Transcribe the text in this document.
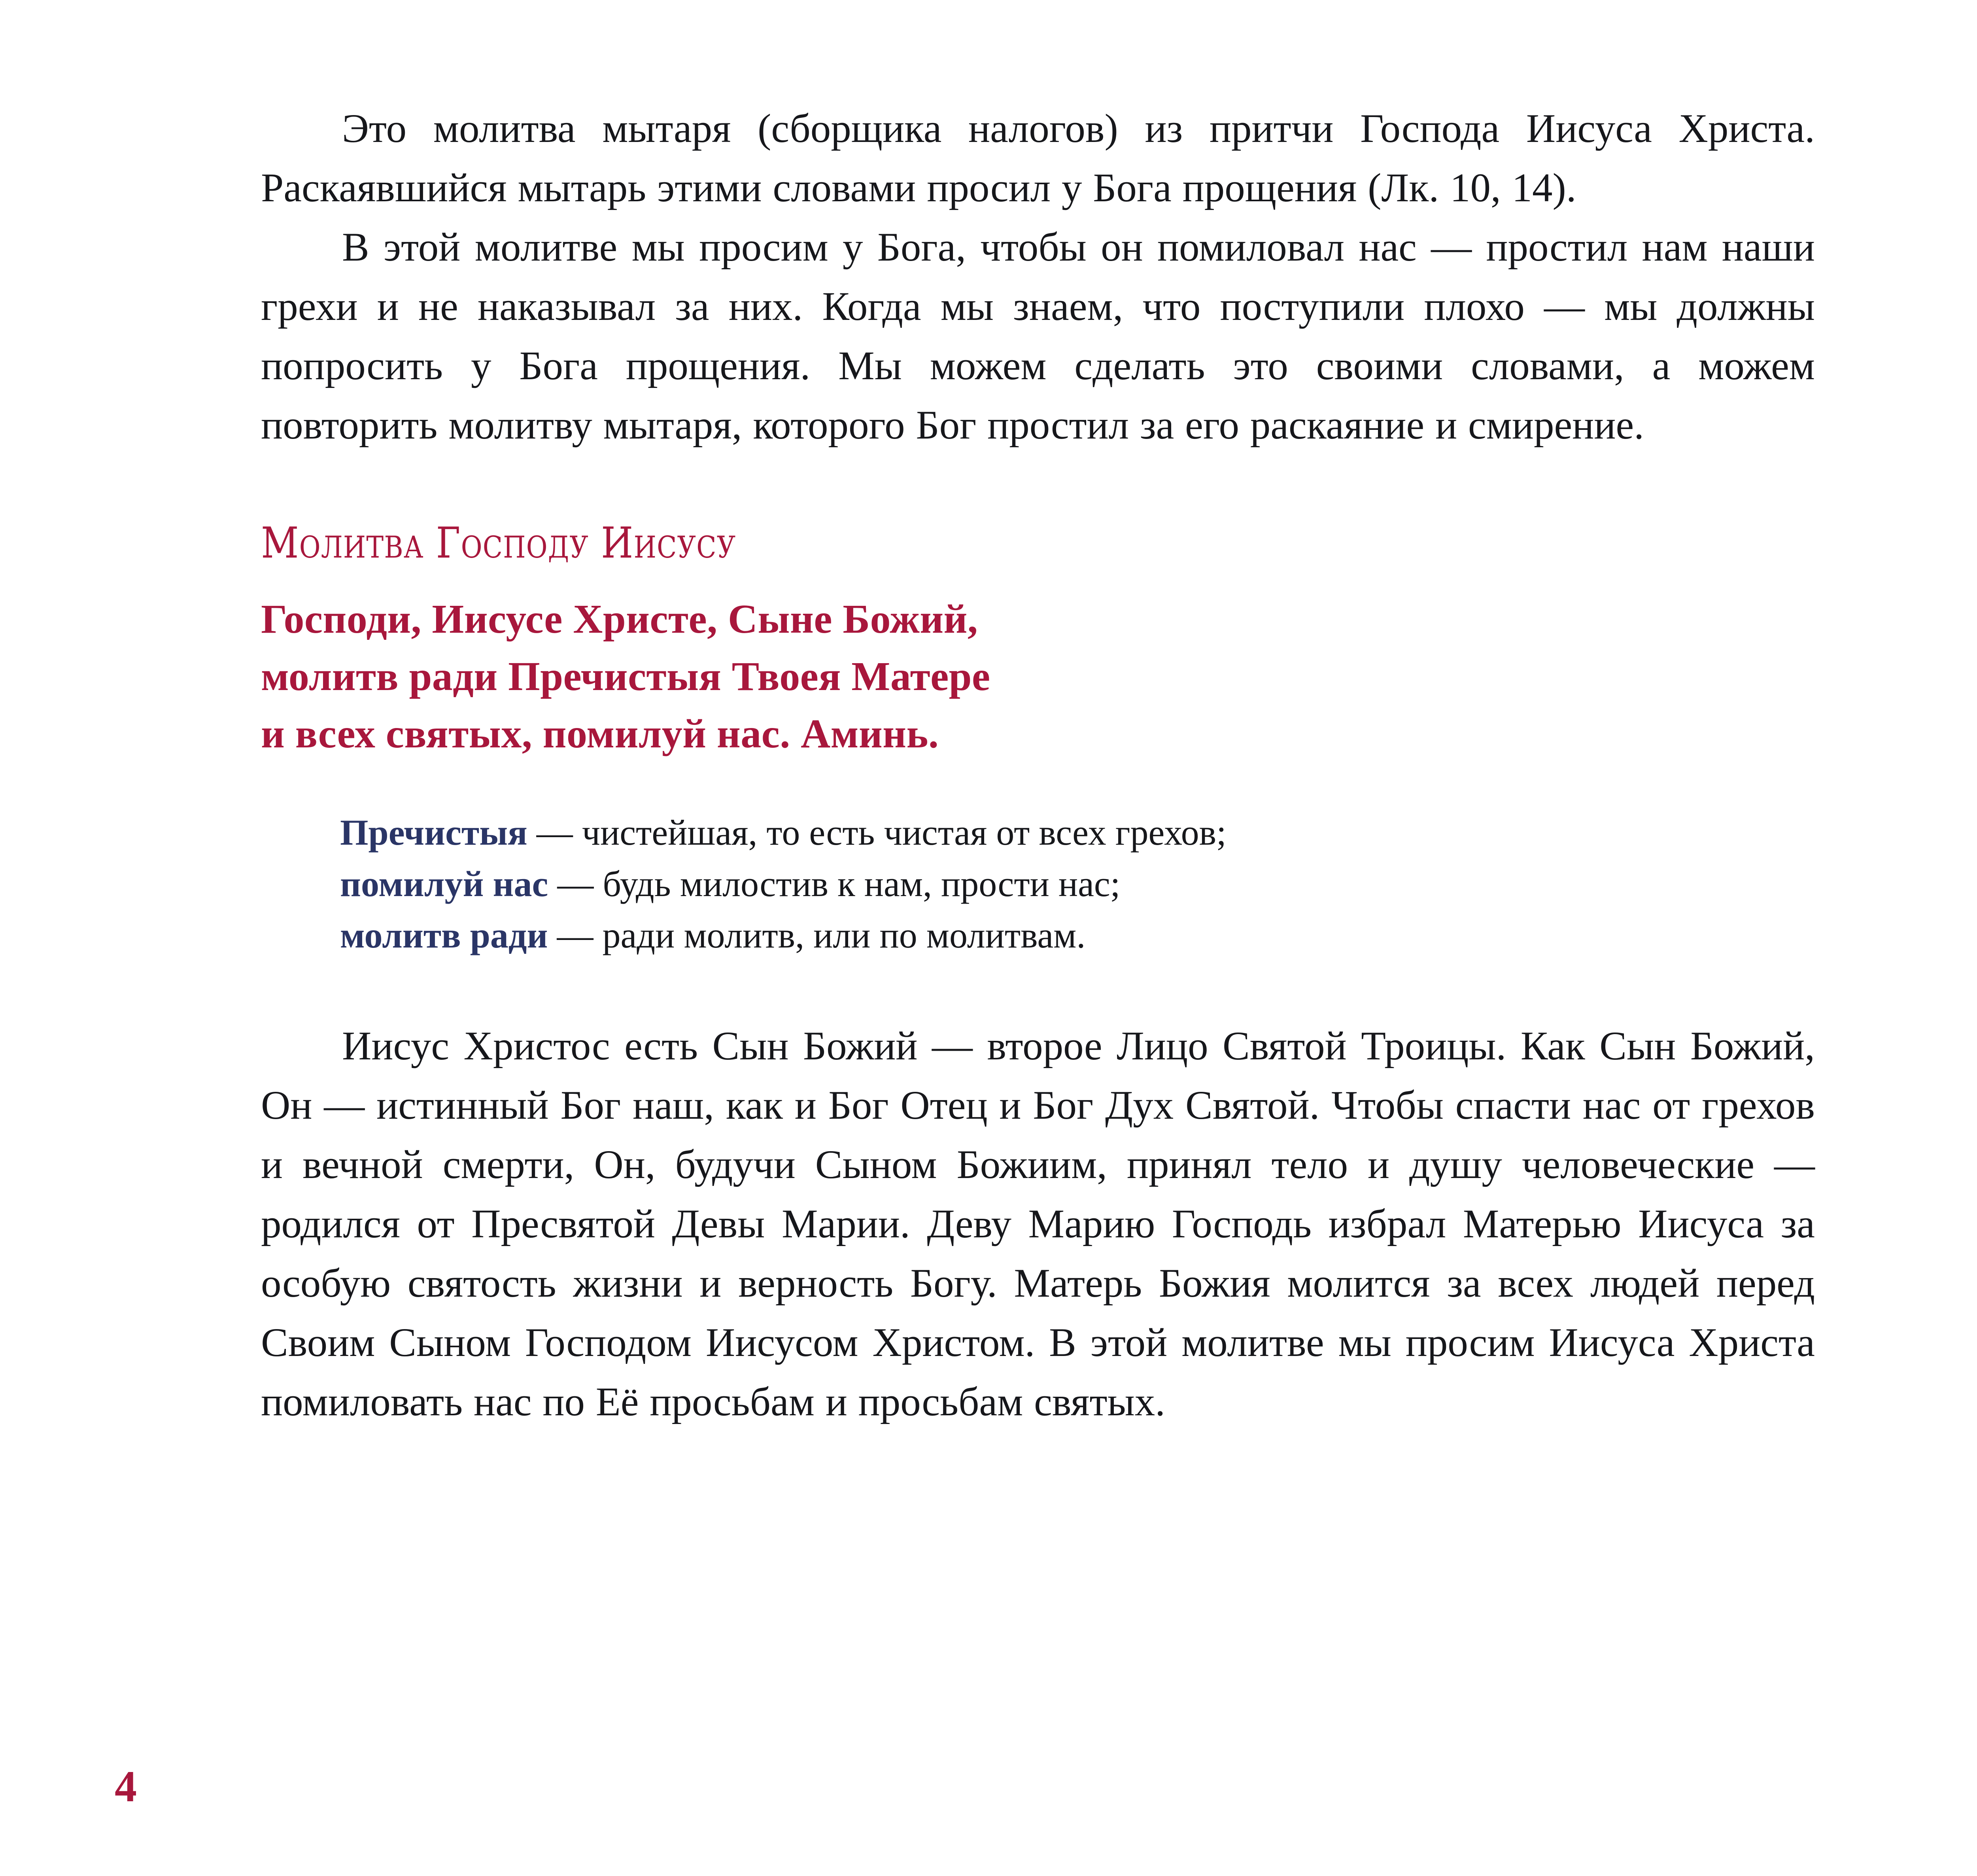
Это молитва мытаря (сборщика налогов) из притчи Господа Иисуса Христа. Раскаявшийся мытарь этими словами просил у Бога прощения (Лк. 10, 14).

В этой молитве мы просим у Бога, чтобы он помиловал нас — простил нам наши грехи и не наказывал за них. Когда мы знаем, что поступили плохо — мы должны попросить у Бога прощения. Мы можем сделать это своими словами, а можем повторить молитву мытаря, которого Бог простил за его раскаяние и смирение.

Молитва Господу Иисусу
Господи, Иисусе Христе, Сыне Божий,
молитв ради Пречистыя Твоея Матере
и всех святых, помилуй нас. Аминь.
Пречистыя — чистейшая, то есть чистая от всех грехов;
помилуй нас — будь милостив к нам, прости нас;
молитв ради — ради молитв, или по молитвам.

Иисус Христос есть Сын Божий — второе Лицо Святой Троицы. Как Сын Божий, Он — истинный Бог наш, как и Бог Отец и Бог Дух Святой. Чтобы спасти нас от грехов и вечной смерти, Он, будучи Сыном Божиим, принял тело и душу человеческие — родился от Пресвятой Девы Марии. Деву Марию Господь избрал Матерью Иисуса за особую святость жизни и верность Богу. Матерь Божия молится за всех людей перед Своим Сыном Господом Иисусом Христом. В этой молитве мы просим Иисуса Христа помиловать нас по Её просьбам и просьбам святых.

4
